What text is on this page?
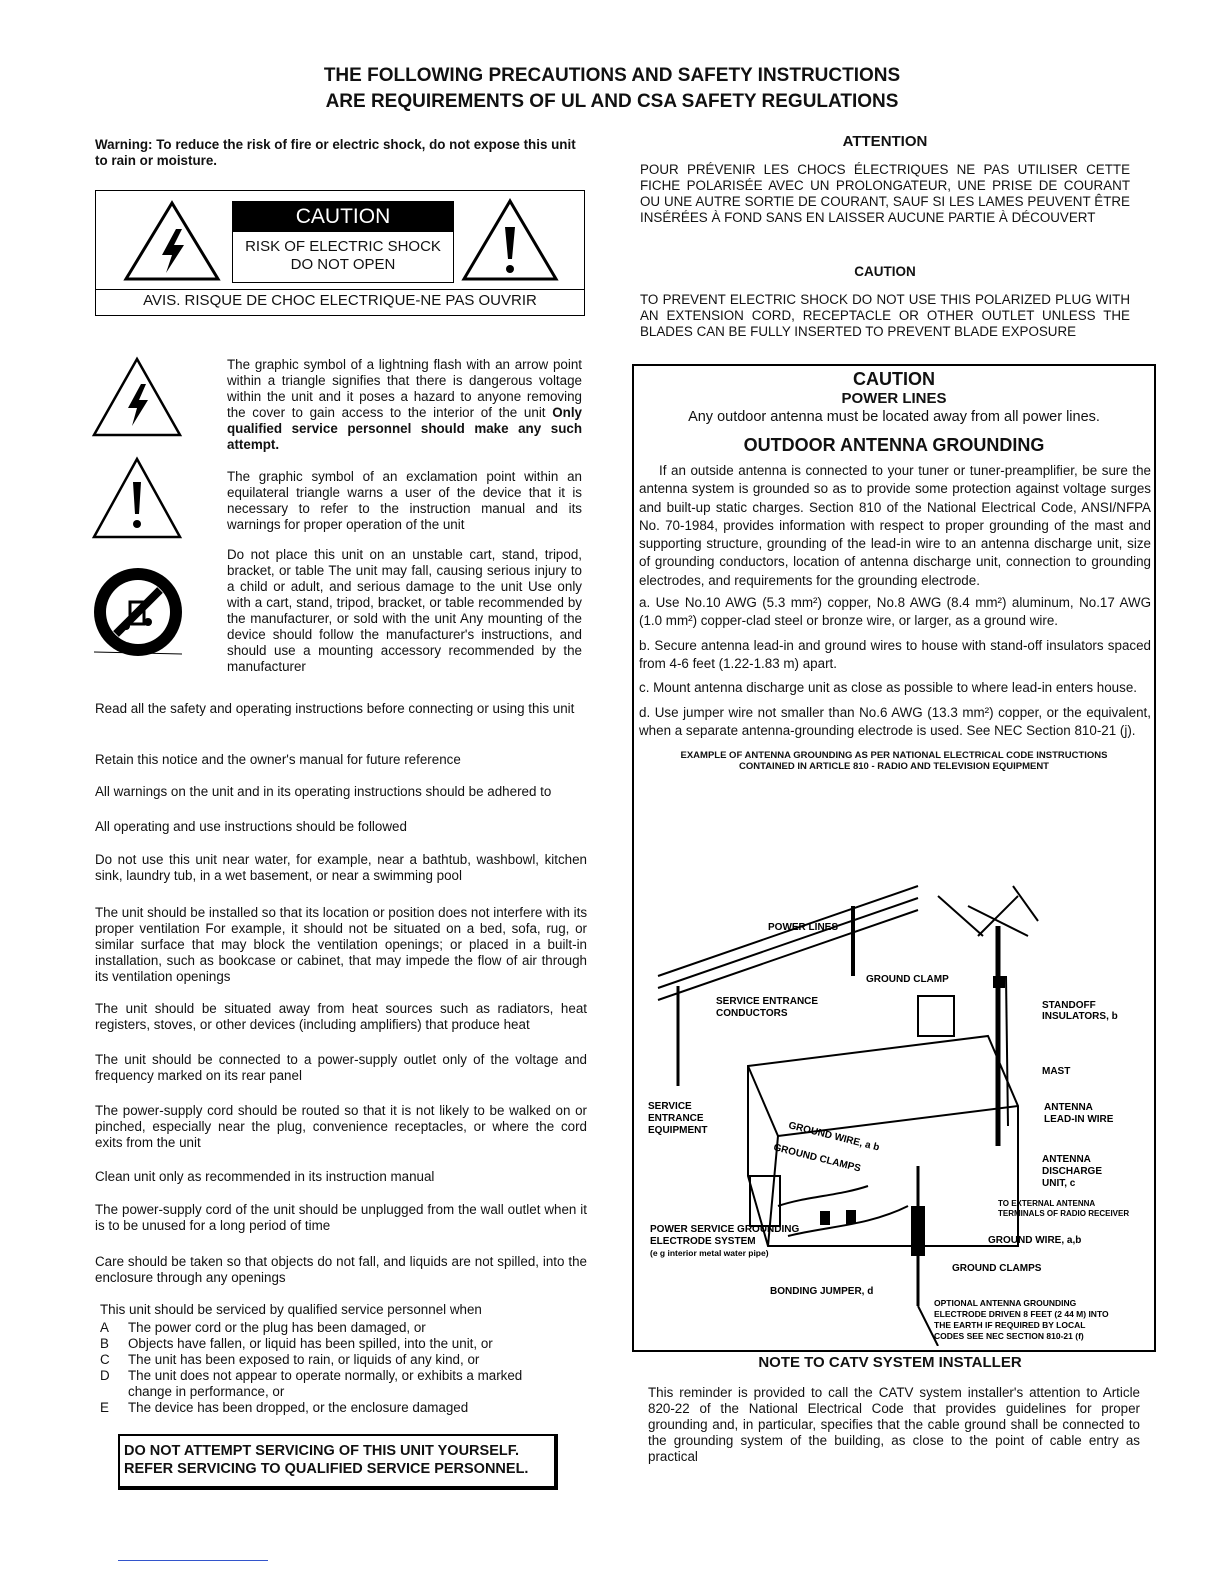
THE FOLLOWING PRECAUTIONS AND SAFETY INSTRUCTIONS
ARE REQUIREMENTS OF UL AND CSA SAFETY REGULATIONS
Warning: To reduce the risk of fire or electric shock, do not expose this unit to rain or moisture.
CAUTION
RISK OF ELECTRIC SHOCK
DO NOT OPEN
AVIS. RISQUE DE CHOC ELECTRIQUE-NE PAS OUVRIR
The graphic symbol of a lightning flash with an arrow point within a triangle signifies that there is dangerous voltage within the unit and it poses a hazard to anyone removing the cover to gain access to the interior of the unit Only qualified service personnel should make any such attempt.
The graphic symbol of an exclamation point within an equilateral triangle warns a user of the device that it is necessary to refer to the instruction manual and its warnings for proper operation of the unit
Do not place this unit on an unstable cart, stand, tripod, bracket, or table The unit may fall, causing serious injury to a child or adult, and serious damage to the unit Use only with a cart, stand, tripod, bracket, or table recommended by the manufacturer, or sold with the unit Any mounting of the device should follow the manufacturer's instructions, and should use a mounting accessory recommended by the manufacturer
Read all the safety and operating instructions before connecting or using this unit
Retain this notice and the owner's manual for future reference
All warnings on the unit and in its operating instructions should be adhered to
All operating and use instructions should be followed
Do not use this unit near water, for example, near a bathtub, washbowl, kitchen sink, laundry tub, in a wet basement, or near a swimming pool
The unit should be installed so that its location or position does not interfere with its proper ventilation For example, it should not be situated on a bed, sofa, rug, or similar surface that may block the ventilation openings; or placed in a built-in installation, such as bookcase or cabinet, that may impede the flow of air through its ventilation openings
The unit should be situated away from heat sources such as radiators, heat registers, stoves, or other devices (including amplifiers) that produce heat
The unit should be connected to a power-supply outlet only of the voltage and frequency marked on its rear panel
The power-supply cord should be routed so that it is not likely to be walked on or pinched, especially near the plug, convenience receptacles, or where the cord exits from the unit
Clean unit only as recommended in its instruction manual
The power-supply cord of the unit should be unplugged from the wall outlet when it is to be unused for a long period of time
Care should be taken so that objects do not fall, and liquids are not spilled, into the enclosure through any openings
This unit should be serviced by qualified service personnel when
A The power cord or the plug has been damaged, or
B Objects have fallen, or liquid has been spilled, into the unit, or
C The unit has been exposed to rain, or liquids of any kind, or
D The unit does not appear to operate normally, or exhibits a marked change in performance, or
E The device has been dropped, or the enclosure damaged
DO NOT ATTEMPT SERVICING OF THIS UNIT YOURSELF.
REFER SERVICING TO QUALIFIED SERVICE PERSONNEL.
ATTENTION
POUR PRÉVENIR LES CHOCS ÉLECTRIQUES NE PAS UTILISER CETTE FICHE POLARISÉE AVEC UN PROLONGATEUR, UNE PRISE DE COURANT OU UNE AUTRE SORTIE DE COURANT, SAUF SI LES LAMES PEUVENT ÊTRE INSÉRÉES À FOND SANS EN LAISSER AUCUNE PARTIE À DÉCOUVERT
CAUTION
TO PREVENT ELECTRIC SHOCK DO NOT USE THIS POLARIZED PLUG WITH AN EXTENSION CORD, RECEPTACLE OR OTHER OUTLET UNLESS THE BLADES CAN BE FULLY INSERTED TO PREVENT BLADE EXPOSURE
CAUTION
POWER LINES
Any outdoor antenna must be located away from all power lines.
OUTDOOR ANTENNA GROUNDING
If an outside antenna is connected to your tuner or tuner-preamplifier, be sure the antenna system is grounded so as to provide some protection against voltage surges and built-up static charges. Section 810 of the National Electrical Code, ANSI/NFPA No. 70-1984, provides information with respect to proper grounding of the mast and supporting structure, grounding of the lead-in wire to an antenna discharge unit, size of grounding conductors, location of antenna discharge unit, connection to grounding electrodes, and requirements for the grounding electrode.
a. Use No.10 AWG (5.3 mm²) copper, No.8 AWG (8.4 mm²) aluminum, No.17 AWG (1.0 mm²) copper-clad steel or bronze wire, or larger, as a ground wire.
b. Secure antenna lead-in and ground wires to house with stand-off insulators spaced from 4-6 feet (1.22-1.83 m) apart.
c. Mount antenna discharge unit as close as possible to where lead-in enters house.
d. Use jumper wire not smaller than No.6 AWG (13.3 mm²) copper, or the equivalent, when a separate antenna-grounding electrode is used. See NEC Section 810-21 (j).
EXAMPLE OF ANTENNA GROUNDING AS PER NATIONAL ELECTRICAL CODE INSTRUCTIONS
CONTAINED IN ARTICLE 810 - RADIO AND TELEVISION EQUIPMENT
POWER LINES
GROUND CLAMP
SERVICE ENTRANCE
CONDUCTORS
STANDOFF
INSULATORS, b
MAST
SERVICE
ENTRANCE
EQUIPMENT
ANTENNA
LEAD-IN WIRE
GROUND WIRE, a b
GROUND CLAMPS	ANTENNA
DISCHARGE
UNIT, c
TO EXTERNAL ANTENNA
TERMINALS OF RADIO RECEIVER
POWER SERVICE GROUNDING
ELECTRODE SYSTEM
(e g interior metal water pipe)
GROUND WIRE, a,b
GROUND CLAMPS
BONDING JUMPER, d
OPTIONAL ANTENNA GROUNDING
ELECTRODE DRIVEN 8 FEET (2 44 M) INTO
THE EARTH IF REQUIRED BY LOCAL
CODES SEE NEC SECTION 810-21 (f)
NOTE TO CATV SYSTEM INSTALLER
This reminder is provided to call the CATV system installer's attention to Article 820-22 of the National Electrical Code that provides guidelines for proper grounding and, in particular, specifies that the cable ground shall be connected to the grounding system of the building, as close to the point of cable entry as practical
